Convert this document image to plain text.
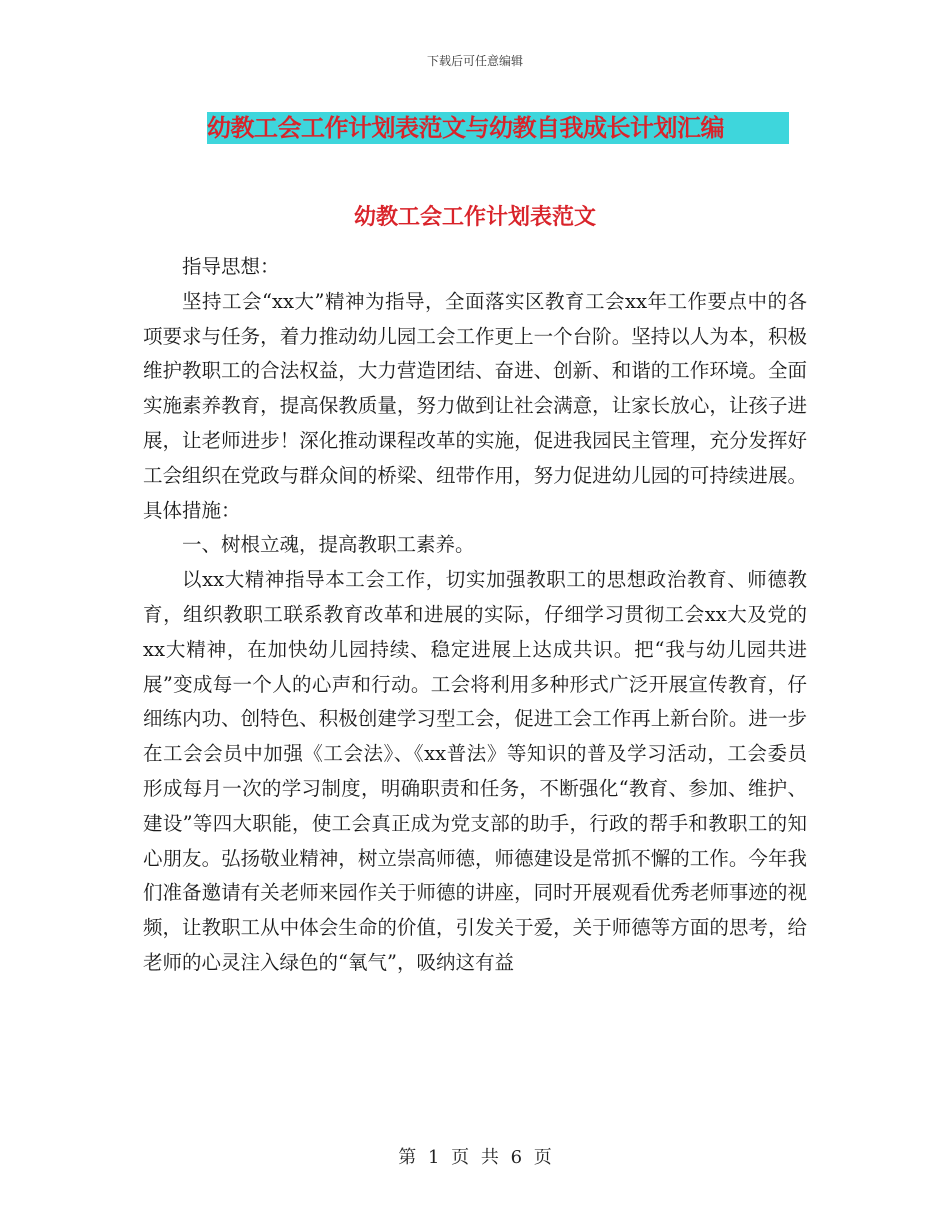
下载后可任意编辑
幼教工会工作计划表范文与幼教自我成长计划汇编
幼教工会工作计划表范文

指导思想：

坚持工会“xx大”精神为指导，全面落实区教育工会xx年工作要点中的各项要求与任务，着力推动幼儿园工会工作更上一个台阶。坚持以人为本，积极维护教职工的合法权益，大力营造团结、奋进、创新、和谐的工作环境。全面实施素养教育，提高保教质量，努力做到让社会满意，让家长放心，让孩子进展，让老师进步！深化推动课程改革的实施，促进我园民主管理，充分发挥好工会组织在党政与群众间的桥梁、纽带作用，努力促进幼儿园的可持续进展。具体措施：

一、树根立魂，提高教职工素养。

以xx大精神指导本工会工作，切实加强教职工的思想政治教育、师德教育，组织教职工联系教育改革和进展的实际，仔细学习贯彻工会xx大及党的xx大精神，在加快幼儿园持续、稳定进展上达成共识。把“我与幼儿园共进展”变成每一个人的心声和行动。工会将利用多种形式广泛开展宣传教育，仔细练内功、创特色、积极创建学习型工会，促进工会工作再上新台阶。进一步在工会会员中加强《工会法》、《xx普法》等知识的普及学习活动，工会委员形成每月一次的学习制度，明确职责和任务，不断强化“教育、参加、维护、建设”等四大职能，使工会真正成为党支部的助手，行政的帮手和教职工的知心朋友。弘扬敬业精神，树立崇高师德，师德建设是常抓不懈的工作。今年我们准备邀请有关老师来园作关于师德的讲座，同时开展观看优秀老师事迹的视频，让教职工从中体会生命的价值，引发关于爱，关于师德等方面的思考，给老师的心灵注入绿色的“氧气”，吸纳这有益

第 1 页 共 6 页
